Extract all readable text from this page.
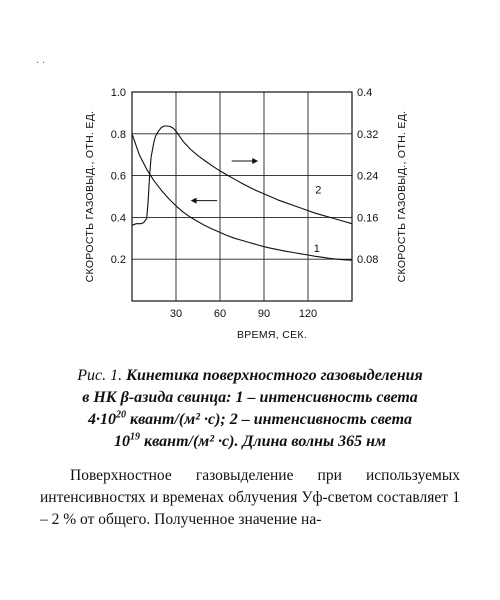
· ·
30	60	90	120
0.2
0.4
0.6
0.8
1.0
0.08
0.16
0.24
0.32
0.4
ВРЕМЯ, СЕК.
СКОРОСТЬ ГАЗОВЫД., ОТН. ЕД.	СКОРОСТЬ ГАЗОВЫД., ОТН. ЕД.
1
2
Рис. 1. Кинетика поверхностного газовыделения
в НК β-азида свинца: 1 – интенсивность света
$4\cdot 10^{20}$ квант/(м² ·с); 2 – интенсивность света
$10^{19}$ квант/(м² ·с). Длина волны 365 нм

Поверхностное газовыделение при используемых интенсивностях и временах облучения Уф-светом составляет 1 – 2 % от общего. Полученное значение на-
